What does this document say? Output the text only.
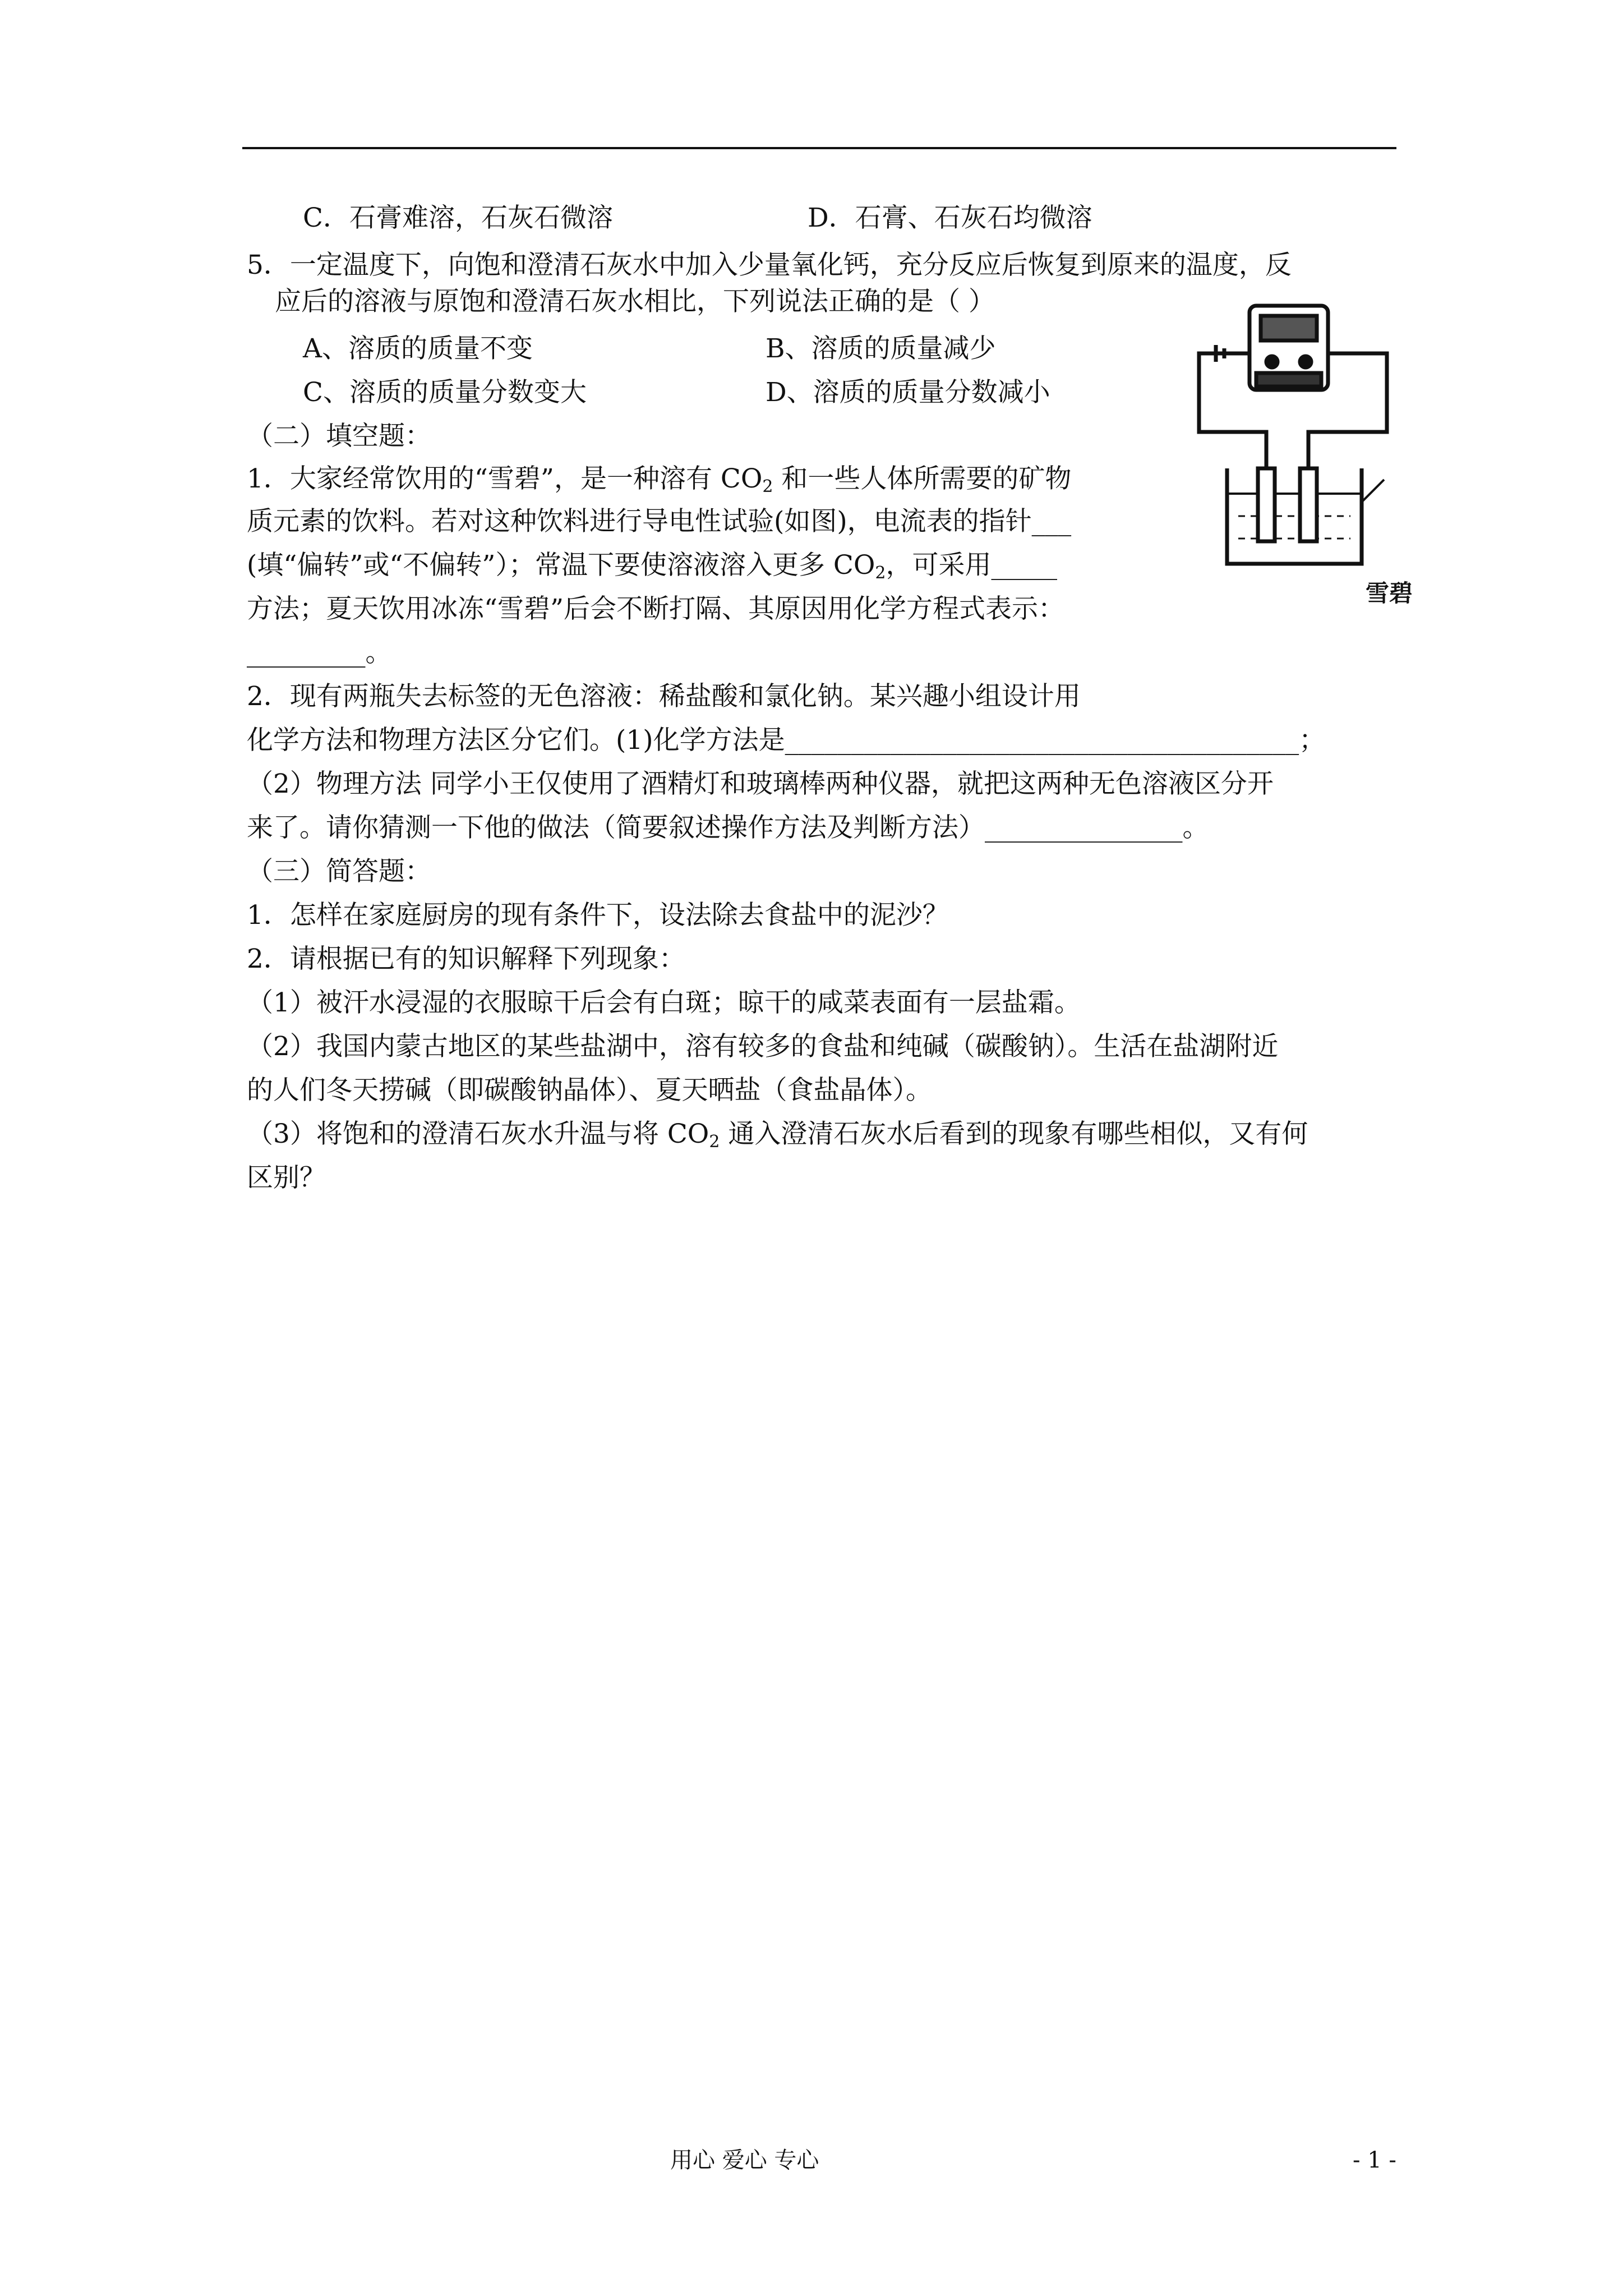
C．石膏难溶，石灰石微溶	D．石膏、石灰石均微溶
5．一定温度下，向饱和澄清石灰水中加入少量氧化钙，充分反应后恢复到原来的温度，反
应后的溶液与原饱和澄清石灰水相比，下列说法正确的是（ ）
A、溶质的质量不变	B、溶质的质量减少
C、溶质的质量分数变大	D、溶质的质量分数减小
（二）填空题：
1．大家经常饮用的“雪碧”，是一种溶有 $CO_2$ 和一些人体所需要的矿物
质元素的饮料。若对这种饮料进行导电性试验(如图)，电流表的指针___
(填“偏转”或“不偏转”）；常温下要使溶液溶入更多 $CO_2$，可采用_____
方法；夏天饮用冰冻“雪碧”后会不断打隔、其原因用化学方程式表示：
_________。
雪碧
2．现有两瓶失去标签的无色溶液：稀盐酸和氯化钠。某兴趣小组设计用
化学方法和物理方法区分它们。(1)化学方法是_______________________________________；
（2）物理方法 同学小王仅使用了酒精灯和玻璃棒两种仪器，就把这两种无色溶液区分开
来了。请你猜测一下他的做法（简要叙述操作方法及判断方法）_______________。
（三）简答题：
1．怎样在家庭厨房的现有条件下，设法除去食盐中的泥沙？
2．请根据已有的知识解释下列现象：
（1）被汗水浸湿的衣服晾干后会有白斑；晾干的咸菜表面有一层盐霜。
（2）我国内蒙古地区的某些盐湖中，溶有较多的食盐和纯碱（碳酸钠）。生活在盐湖附近
的人们冬天捞碱（即碳酸钠晶体）、夏天晒盐（食盐晶体）。
（3）将饱和的澄清石灰水升温与将 $CO_2$ 通入澄清石灰水后看到的现象有哪些相似，又有何
区别？
用心 爱心 专心	- 1 -
